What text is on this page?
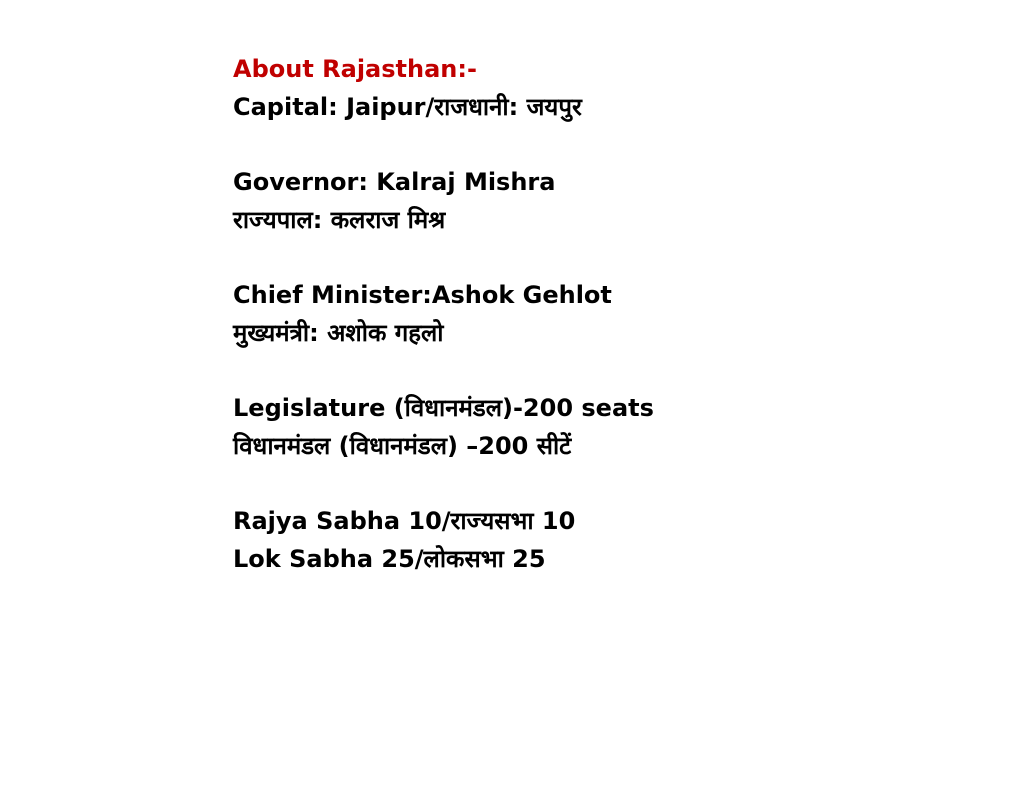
About Rajasthan:-
Capital: Jaipur/राजधानी: जयपुर
Governor: Kalraj Mishra
राज्यपाल: कलराज मिश्र
Chief Minister:Ashok Gehlot
मुख्यमंत्री: अशोक गहलो
Legislature (विधानमंडल)-200 seats
विधानमंडल (विधानमंडल) –200 सीटें
Rajya Sabha 10/राज्यसभा 10
Lok Sabha 25/लोकसभा 25
